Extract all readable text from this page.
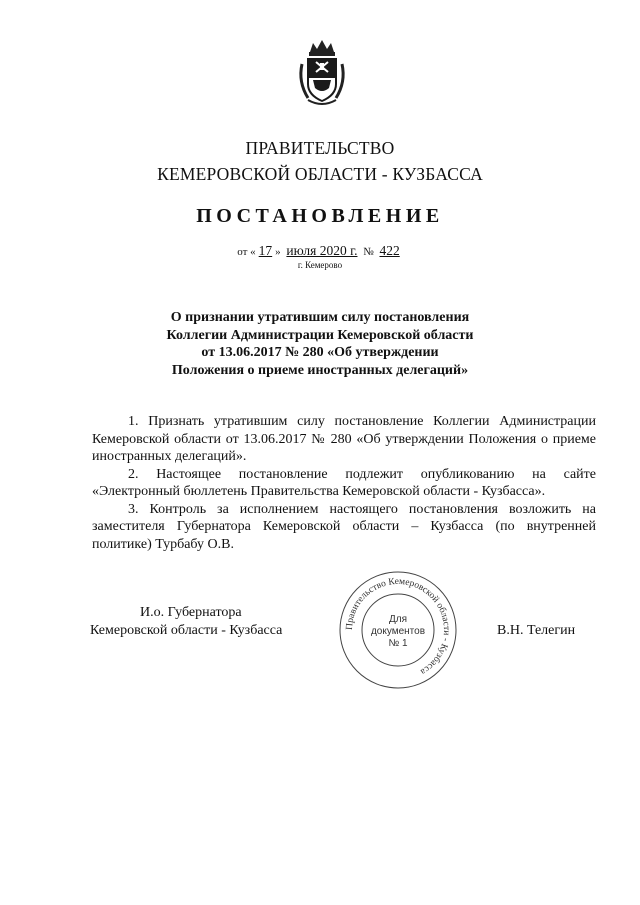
ПРАВИТЕЛЬСТВО
КЕМЕРОВСКОЙ ОБЛАСТИ - КУЗБАССА
ПОСТАНОВЛЕНИЕ
от « 17 » июля 2020 г. № 422
г. Кемерово
О признании утратившим силу постановления
Коллегии Администрации Кемеровской области
от 13.06.2017 № 280 «Об утверждении
Положения о приеме иностранных делегаций»

1. Признать утратившим силу постановление Коллегии Администрации Кемеровской области от 13.06.2017 № 280 «Об утверждении Положения о приеме иностранных делегаций».

2. Настоящее постановление подлежит опубликованию на сайте «Электронный бюллетень Правительства Кемеровской области - Кузбасса».

3. Контроль за исполнением настоящего постановления возложить на заместителя Губернатора Кемеровской области – Кузбасса (по внутренней политике) Турбабу О.В.

И.о. Губернатора
Кемеровской области - Кузбасса	Правительство Кемеровской области - Кузбасса
Для
документов
№ 1
В.Н. Телегин
